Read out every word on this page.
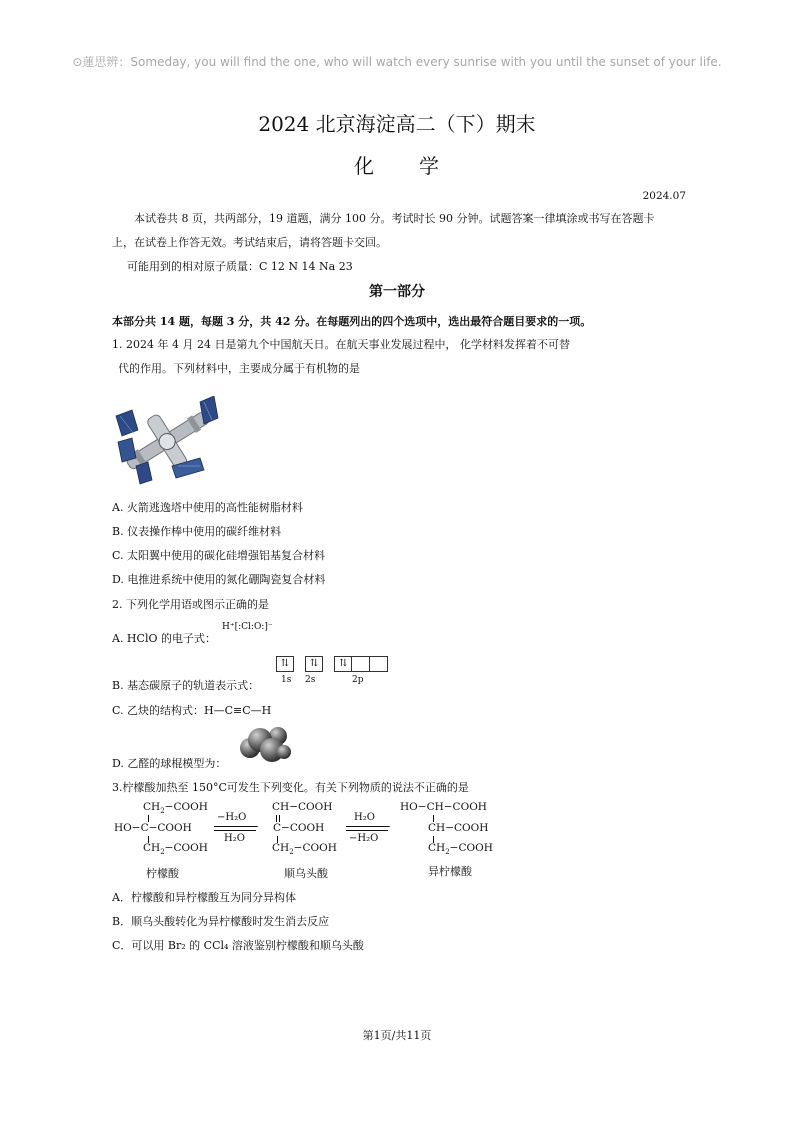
⊙蓮思辨：Someday, you will find the one, who will watch every sunrise with you until the sunset of your life.
2024 北京海淀高二（下）期末
化 学
2024.07
本试卷共 8 页，共两部分，19 道题，满分 100 分。考试时长 90 分钟。试题答案一律填涂或书写在答题卡
上，在试卷上作答无效。考试结束后，请将答题卡交回。
可能用到的相对原子质量：C 12 N 14 Na 23
第一部分
本部分共 14 题，每题 3 分，共 42 分。在每题列出的四个选项中，选出最符合题目要求的一项。
1. 2024 年 4 月 24 日是第九个中国航天日。在航天事业发展过程中， 化学材料发挥着不可替
代的作用。下列材料中，主要成分属于有机物的是
A. 火箭逃逸塔中使用的高性能树脂材料
B. 仪表操作棒中使用的碳纤维材料
C. 太阳翼中使用的碳化硅增强铝基复合材料
D. 电推进系统中使用的氮化硼陶瓷复合材料
2. 下列化学用语或图示正确的是
A. HClO 的电子式：
H⁺[:Cl:O:]⁻
B. 基态碳原子的轨道表示式：
⇅ ⇅ ⇅
1s 2s	2p
C. 乙炔的结构式：H—C≡C—H
D. 乙醛的球棍模型为：
3.柠檬酸加热至 150°C可发生下列变化。有关下列物质的说法不正确的是
$CH_2-COOH$
HO−C−COOH
$CH_2-COOH$
−H₂O
H₂O
CH−COOH
C−COOH
$CH_2-COOH$
H₂O
−H₂O
HO−CH−COOH
CH−COOH
$CH_2-COOH$
柠檬酸	顺乌头酸	异柠檬酸
A．柠檬酸和异柠檬酸互为同分异构体
B．顺乌头酸转化为异柠檬酸时发生消去反应
C．可以用 Br₂ 的 CCl₄ 溶液鉴别柠檬酸和顺乌头酸
第1页/共11页
